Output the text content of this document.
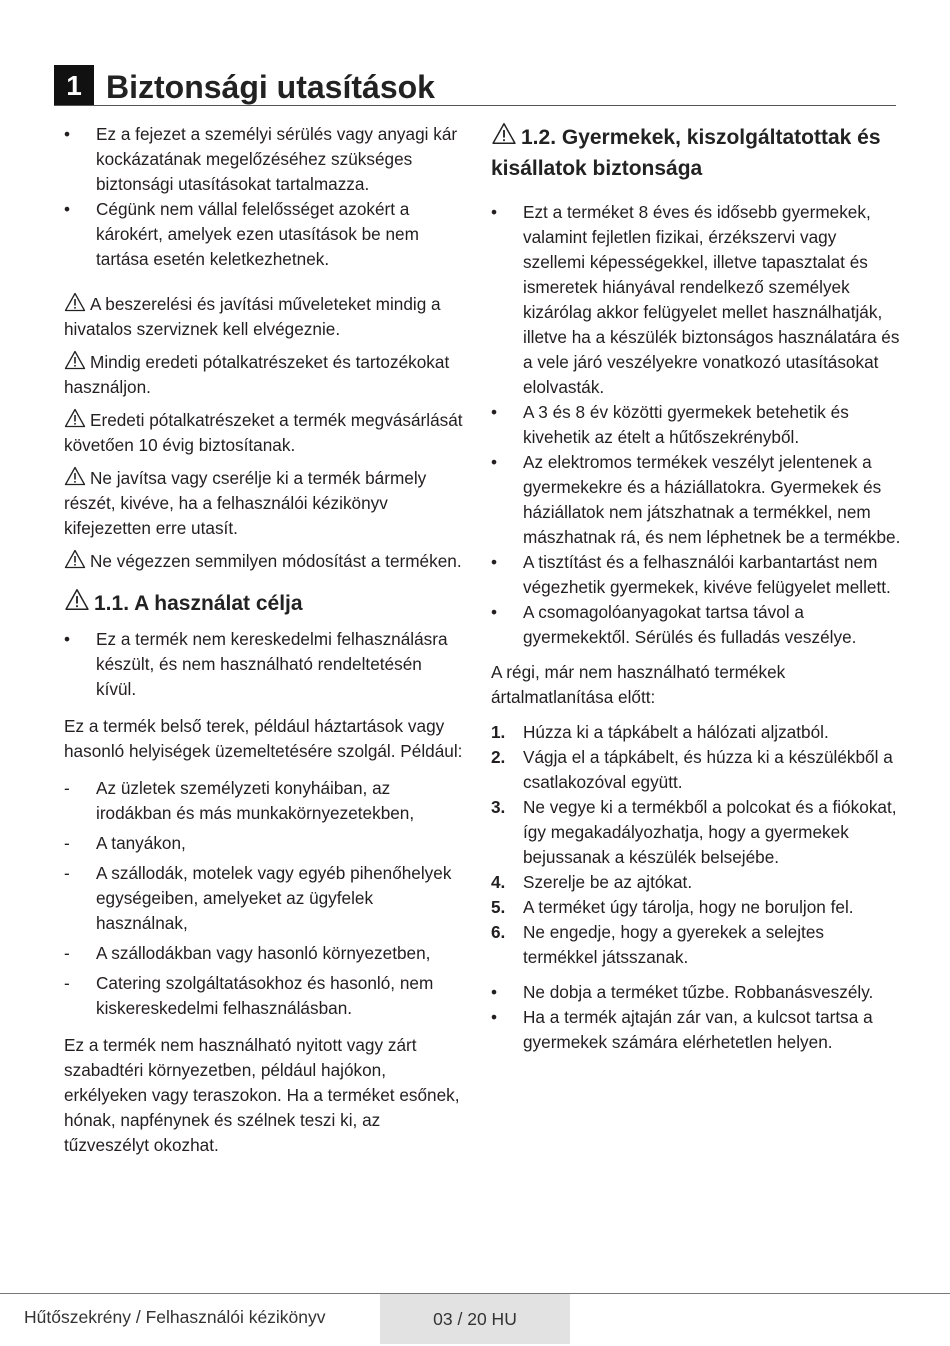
1 Biztonsági utasítások
• Ez a fejezet a személyi sérülés vagy anyagi kár kockázatának megelőzéséhez szükséges biztonsági utasításokat tartalmazza.
• Cégünk nem vállal felelősséget azokért a károkért, amelyek ezen utasítások be nem tartása esetén keletkezhetnek.

A beszerelési és javítási műveleteket mindig a hivatalos szerviznek kell elvégeznie.

Mindig eredeti pótalkatrészeket és tartozékokat használjon.

Eredeti pótalkatrészeket a termék megvásárlását követően 10 évig biztosítanak.

Ne javítsa vagy cserélje ki a termék bármely részét, kivéve, ha a felhasználói kézikönyv kifejezetten erre utasít.

Ne végezzen semmilyen módosítást a terméken.

1.1. A használat célja
• Ez a termék nem kereskedelmi felhasználásra készült, és nem használható rendeltetésén kívül.

Ez a termék belső terek, például háztartások vagy hasonló helyiségek üzemeltetésére szolgál. Például:

- Az üzletek személyzeti konyháiban, az irodákban és más munkakörnyezetekben,
- A tanyákon,
- A szállodák, motelek vagy egyéb pihenőhelyek egységeiben, amelyeket az ügyfelek használnak,
- A szállodákban vagy hasonló környezetben,
- Catering szolgáltatásokhoz és hasonló, nem kiskereskedelmi felhasználásban.

Ez a termék nem használható nyitott vagy zárt szabadtéri környezetben, például hajókon, erkélyeken vagy teraszokon. Ha a terméket esőnek, hónak, napfénynek és szélnek teszi ki, az tűzveszélyt okozhat.

1.2. Gyermekek, kiszolgáltatottak és kisállatok biztonsága
• Ezt a terméket 8 éves és idősebb gyermekek, valamint fejletlen fizikai, érzékszervi vagy szellemi képességekkel, illetve tapasztalat és ismeretek hiányával rendelkező személyek kizárólag akkor felügyelet mellet használhatják, illetve ha a készülék biztonságos használatára és a vele járó veszélyekre vonatkozó utasításokat elolvasták.
• A 3 és 8 év közötti gyermekek betehetik és kivehetik az ételt a hűtőszekrényből.
• Az elektromos termékek veszélyt jelentenek a gyermekekre és a háziállatokra. Gyermekek és háziállatok nem játszhatnak a termékkel, nem mászhatnak rá, és nem léphetnek be a termékbe.
• A tisztítást és a felhasználói karbantartást nem végezhetik gyermekek, kivéve felügyelet mellett.
• A csomagolóanyagokat tartsa távol a gyermekektől. Sérülés és fulladás veszélye.

A régi, már nem használható termékek ártalmatlanítása előtt:

1. Húzza ki a tápkábelt a hálózati aljzatból.
2. Vágja el a tápkábelt, és húzza ki a készülékből a csatlakozóval együtt.
3. Ne vegye ki a termékből a polcokat és a fiókokat, így megakadályozhatja, hogy a gyermekek bejussanak a készülék belsejébe.
4. Szerelje be az ajtókat.
5. A terméket úgy tárolja, hogy ne boruljon fel.
6. Ne engedje, hogy a gyerekek a selejtes termékkel játsszanak.
• Ne dobja a terméket tűzbe. Robbanásveszély.
• Ha a termék ajtaján zár van, a kulcsot tartsa a gyermekek számára elérhetetlen helyen.
Hűtőszekrény / Felhasználói kézikönyv	03 / 20 HU
